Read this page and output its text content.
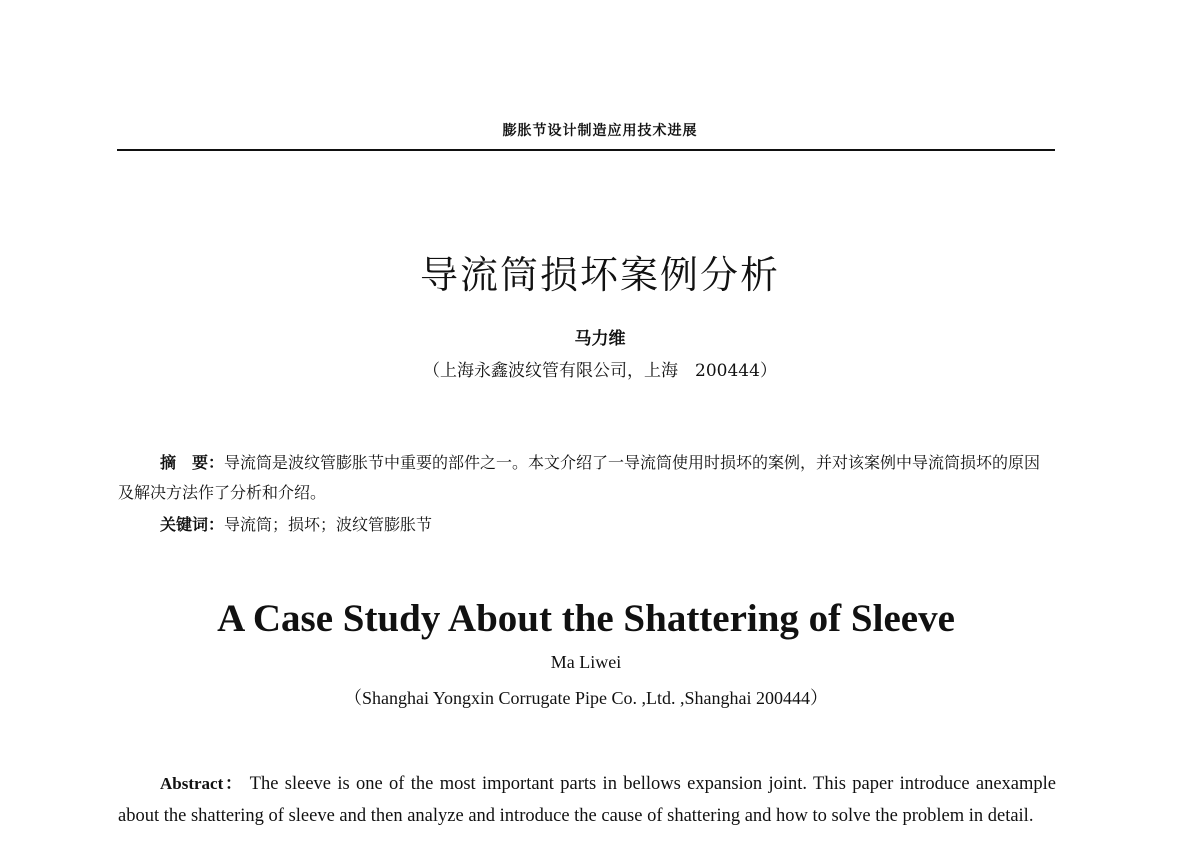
膨胀节设计制造应用技术进展
导流筒损坏案例分析
马力维
（上海永鑫波纹管有限公司，上海　200444）

摘　要：导流筒是波纹管膨胀节中重要的部件之一。本文介绍了一导流筒使用时损坏的案例，并对该案例中导流筒损坏的原因及解决方法作了分析和介绍。

关键词：导流筒；损坏；波纹管膨胀节
A Case Study About the Shattering of Sleeve
Ma Liwei
（Shanghai Yongxin Corrugate Pipe Co. ,Ltd. ,Shanghai 200444）

Abstract： The sleeve is one of the most important parts in bellows expansion joint. This paper introduce anexample about the shattering of sleeve and then analyze and introduce the cause of shattering and how to solve the problem in detail.
